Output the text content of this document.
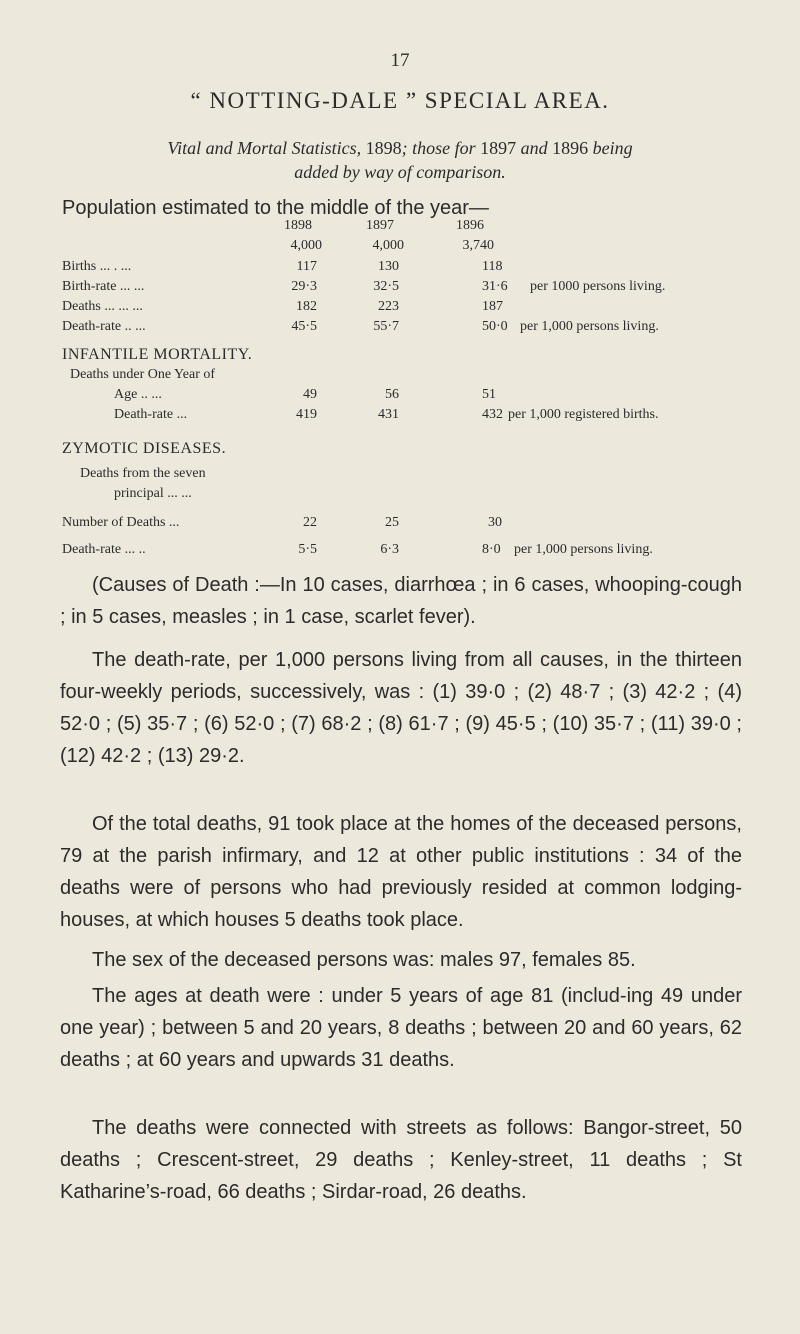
17
“ NOTTING-DALE ” SPECIAL AREA.
Vital and Mortal Statistics, 1898; those for 1897 and 1896 being
added by way of comparison.
Population estimated to the middle of the year—
1898	1897	1896
4,000	4,000	3,740
Births ... . ...	117	130	118
Birth-rate ... ...	29·3	32·5	31·6 per 1000 persons living.
Deaths ... ... ...	182	223	187
Death-rate .. ...	45·5	55·7	50·0 per 1,000 persons living.
INFANTILE MORTALITY.
Deaths under One Year of
Age .. ...	49	56	51
Death-rate ...	419	431	432 per 1,000 registered births.
ZYMOTIC DISEASES.
Deaths from the seven
principal ... ...
Number of Deaths ...	22	25	30
Death-rate ... ..	5·5	6·3	8·0 per 1,000 persons living.
(Causes of Death :—In 10 cases, diarrhœa ; in 6 cases, whooping-cough ; in 5 cases, measles ; in 1 case, scarlet fever).
The death-rate, per 1,000 persons living from all causes, in the thirteen four-weekly periods, successively, was : (1) 39·0 ; (2) 48·7 ; (3) 42·2 ; (4) 52·0 ; (5) 35·7 ; (6) 52·0 ; (7) 68·2 ; (8) 61·7 ; (9) 45·5 ; (10) 35·7 ; (11) 39·0 ; (12) 42·2 ; (13) 29·2.
Of the total deaths, 91 took place at the homes of the deceased persons, 79 at the parish infirmary, and 12 at other public institutions : 34 of the deaths were of persons who had previously resided at common lodging-houses, at which houses 5 deaths took place.
The sex of the deceased persons was: males 97, females 85.
The ages at death were : under 5 years of age 81 (includ-ing 49 under one year) ; between 5 and 20 years, 8 deaths ; between 20 and 60 years, 62 deaths ; at 60 years and upwards 31 deaths.
The deaths were connected with streets as follows: Bangor-street, 50 deaths ; Crescent-street, 29 deaths ; Kenley-street, 11 deaths ; St Katharine’s-road, 66 deaths ; Sirdar-road, 26 deaths.
